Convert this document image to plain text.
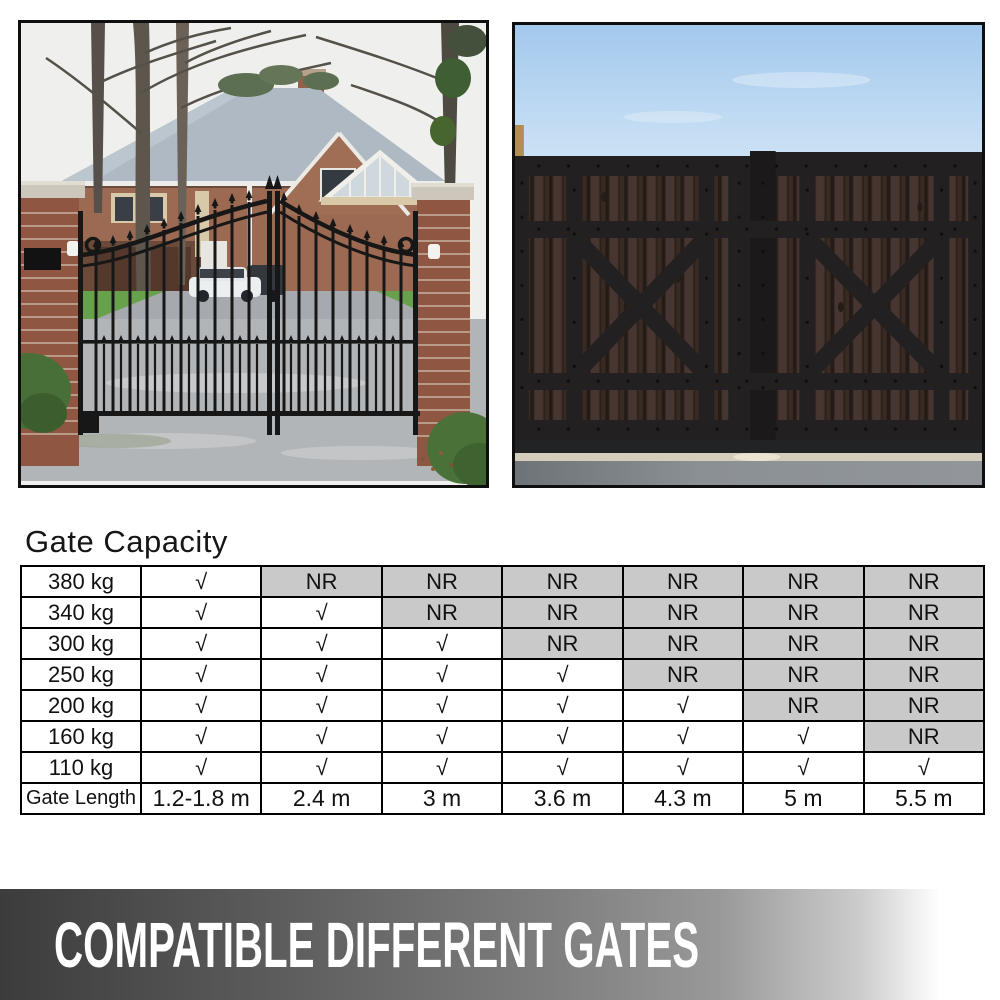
Gate Capacity
380 kg	√	NR	NR	NR	NR	NR	NR
340 kg	√	√	NR	NR	NR	NR	NR
300 kg	√	√	√	NR	NR	NR	NR
250 kg	√	√	√	√	NR	NR	NR
200 kg	√	√	√	√	√	NR	NR
160 kg	√	√	√	√	√	√	NR
110 kg	√	√	√	√	√	√	√
Gate Length	1.2-1.8 m	2.4 m	3 m	3.6 m	4.3 m	5 m	5.5 m
COMPATIBLE DIFFERENT GATES
